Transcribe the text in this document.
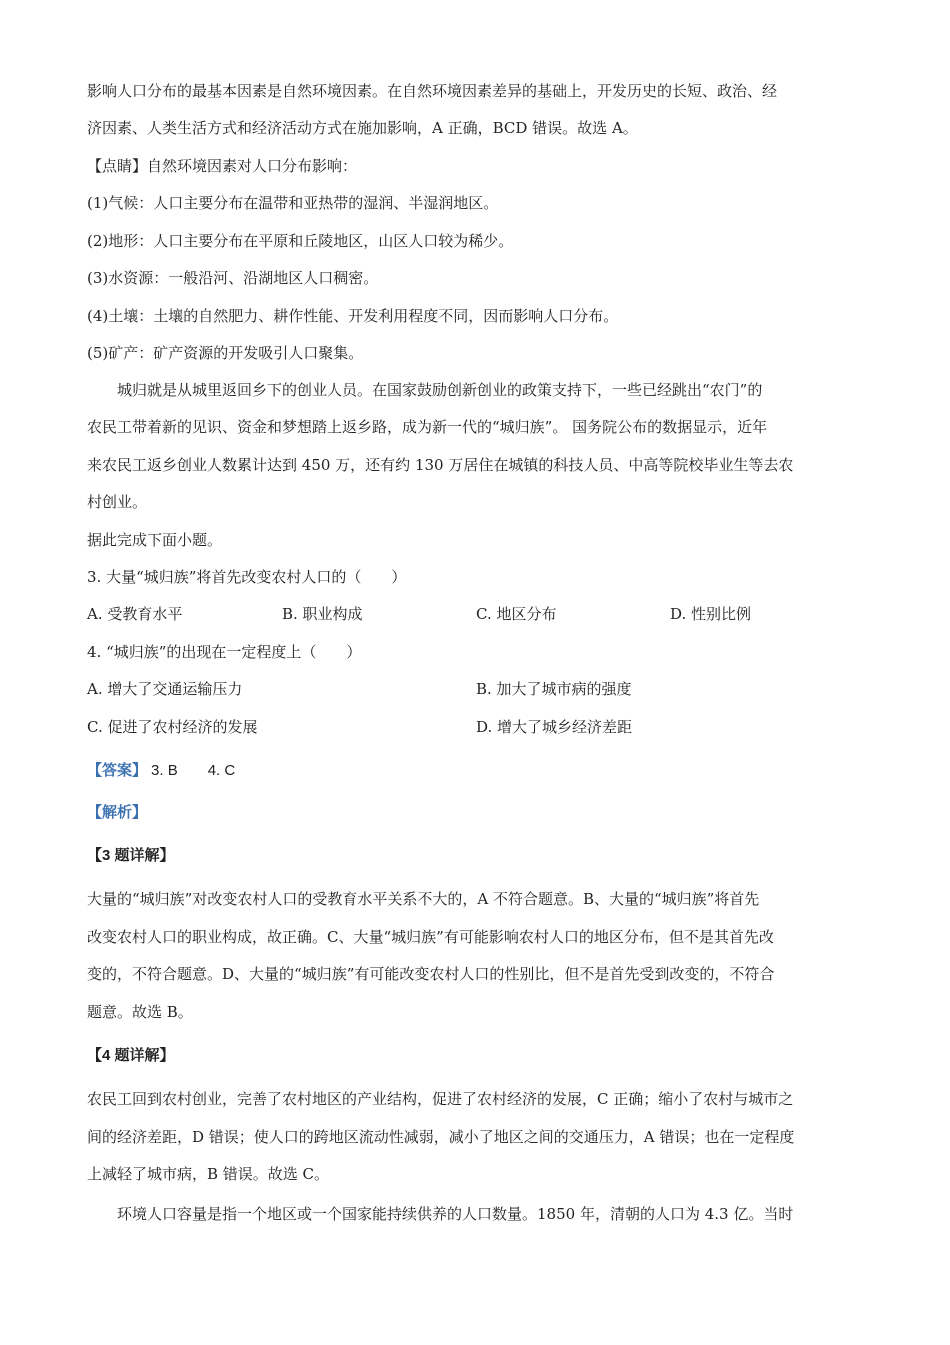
影响人口分布的最基本因素是自然环境因素。在自然环境因素差异的基础上，开发历史的长短、政治、经
济因素、人类生活方式和经济活动方式在施加影响，A 正确，BCD 错误。故选 A。
【点睛】自然环境因素对人口分布影响：
(1)气候：人口主要分布在温带和亚热带的湿润、半湿润地区。
(2)地形：人口主要分布在平原和丘陵地区，山区人口较为稀少。
(3)水资源：一般沿河、沿湖地区人口稠密。
(4)土壤：土壤的自然肥力、耕作性能、开发利用程度不同，因而影响人口分布。
(5)矿产：矿产资源的开发吸引人口聚集。
城归就是从城里返回乡下的创业人员。在国家鼓励创新创业的政策支持下，一些已经跳出“农门”的
农民工带着新的见识、资金和梦想踏上返乡路，成为新一代的“城归族”。 国务院公布的数据显示，近年
来农民工返乡创业人数累计达到 450 万，还有约 130 万居住在城镇的科技人员、中高等院校毕业生等去农
村创业。
据此完成下面小题。
3. 大量“城归族”将首先改变农村人口的（　　）
A. 受教育水平	B. 职业构成	C. 地区分布	D. 性别比例
4. “城归族”的出现在一定程度上（　　）
A. 增大了交通运输压力	B. 加大了城市病的强度
C. 促进了农村经济的发展	D. 增大了城乡经济差距
【答案】 3. B 4. C
【解析】
【3 题详解】
大量的“城归族”对改变农村人口的受教育水平关系不大的，A 不符合题意。B、大量的“城归族”将首先
改变农村人口的职业构成，故正确。C、大量“城归族”有可能影响农村人口的地区分布，但不是其首先改
变的，不符合题意。D、大量的“城归族”有可能改变农村人口的性别比，但不是首先受到改变的，不符合
题意。故选 B。
【4 题详解】
农民工回到农村创业，完善了农村地区的产业结构，促进了农村经济的发展，C 正确；缩小了农村与城市之
间的经济差距，D 错误；使人口的跨地区流动性减弱，减小了地区之间的交通压力，A 错误；也在一定程度
上减轻了城市病，B 错误。故选 C。
环境人口容量是指一个地区或一个国家能持续供养的人口数量。1850 年，清朝的人口为 4.3 亿。当时
